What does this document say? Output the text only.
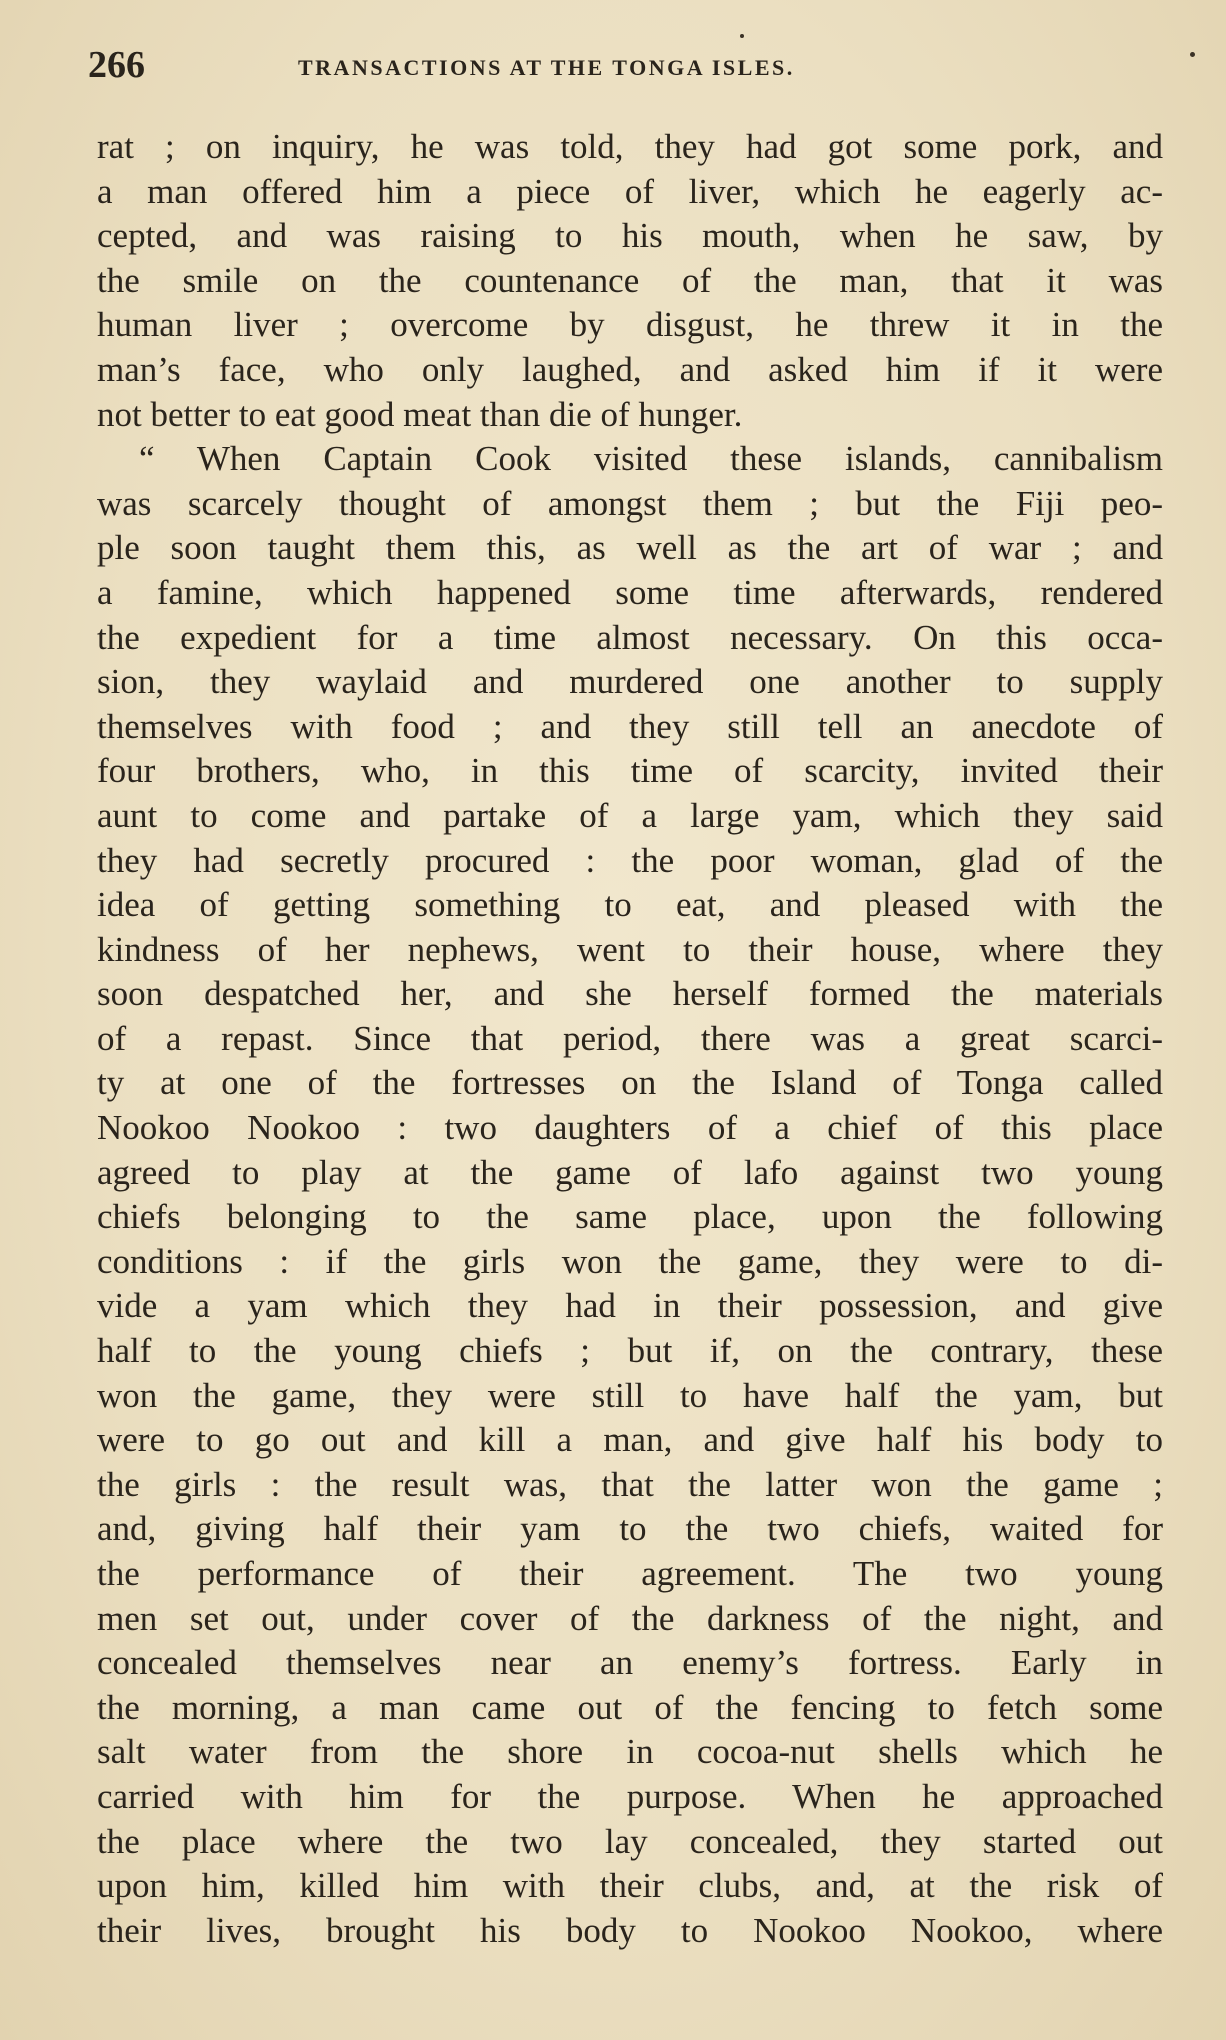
266	TRANSACTIONS AT THE TONGA ISLES.
rat ; on inquiry, he was told, they had got some pork, and
a man offered him a piece of liver, which he eagerly ac-
cepted, and was raising to his mouth, when he saw, by
the smile on the countenance of the man, that it was
human liver ; overcome by disgust, he threw it in the
man’s face, who only laughed, and asked him if it were
not better to eat good meat than die of hunger.
“ When Captain Cook visited these islands, cannibalism
was scarcely thought of amongst them ; but the Fiji peo-
ple soon taught them this, as well as the art of war ; and
a famine, which happened some time afterwards, rendered
the expedient for a time almost necessary. On this occa-
sion, they waylaid and murdered one another to supply
themselves with food ; and they still tell an anecdote of
four brothers, who, in this time of scarcity, invited their
aunt to come and partake of a large yam, which they said
they had secretly procured : the poor woman, glad of the
idea of getting something to eat, and pleased with the
kindness of her nephews, went to their house, where they
soon despatched her, and she herself formed the materials
of a repast. Since that period, there was a great scarci-
ty at one of the fortresses on the Island of Tonga called
Nookoo Nookoo : two daughters of a chief of this place
agreed to play at the game of lafo against two young
chiefs belonging to the same place, upon the following
conditions : if the girls won the game, they were to di-
vide a yam which they had in their possession, and give
half to the young chiefs ; but if, on the contrary, these
won the game, they were still to have half the yam, but
were to go out and kill a man, and give half his body to
the girls : the result was, that the latter won the game ;
and, giving half their yam to the two chiefs, waited for
the performance of their agreement. The two young
men set out, under cover of the darkness of the night, and
concealed themselves near an enemy’s fortress. Early in
the morning, a man came out of the fencing to fetch some
salt water from the shore in cocoa-nut shells which he
carried with him for the purpose. When he approached
the place where the two lay concealed, they started out
upon him, killed him with their clubs, and, at the risk of
their lives, brought his body to Nookoo Nookoo, where
